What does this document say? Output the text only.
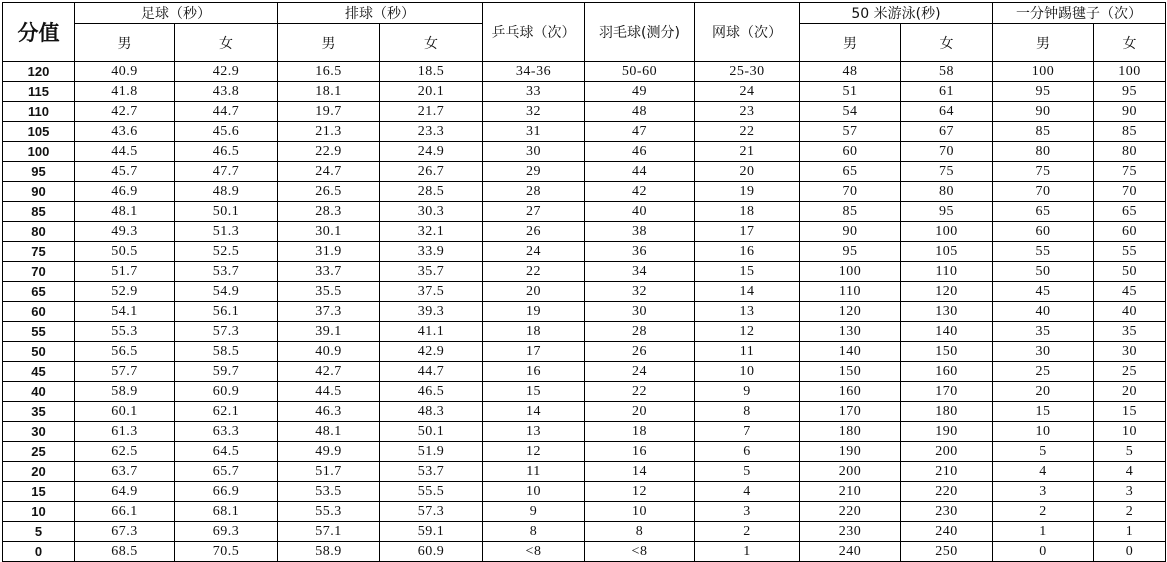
分值	足球（秒）		排球（秒）		乒乓球（次）	羽毛球(测分)	网球（次）	50 米游泳(秒)		一分钟踢毽子（次）	
	男	女	男	女				男	女	男	女
120	40.9	42.9	16.5	18.5	34-36	50-60	25-30	48	58	100	100
115	41.8	43.8	18.1	20.1	33	49	24	51	61	95	95
110	42.7	44.7	19.7	21.7	32	48	23	54	64	90	90
105	43.6	45.6	21.3	23.3	31	47	22	57	67	85	85
100	44.5	46.5	22.9	24.9	30	46	21	60	70	80	80
95	45.7	47.7	24.7	26.7	29	44	20	65	75	75	75
90	46.9	48.9	26.5	28.5	28	42	19	70	80	70	70
85	48.1	50.1	28.3	30.3	27	40	18	85	95	65	65
80	49.3	51.3	30.1	32.1	26	38	17	90	100	60	60
75	50.5	52.5	31.9	33.9	24	36	16	95	105	55	55
70	51.7	53.7	33.7	35.7	22	34	15	100	110	50	50
65	52.9	54.9	35.5	37.5	20	32	14	110	120	45	45
60	54.1	56.1	37.3	39.3	19	30	13	120	130	40	40
55	55.3	57.3	39.1	41.1	18	28	12	130	140	35	35
50	56.5	58.5	40.9	42.9	17	26	11	140	150	30	30
45	57.7	59.7	42.7	44.7	16	24	10	150	160	25	25
40	58.9	60.9	44.5	46.5	15	22	9	160	170	20	20
35	60.1	62.1	46.3	48.3	14	20	8	170	180	15	15
30	61.3	63.3	48.1	50.1	13	18	7	180	190	10	10
25	62.5	64.5	49.9	51.9	12	16	6	190	200	5	5
20	63.7	65.7	51.7	53.7	11	14	5	200	210	4	4
15	64.9	66.9	53.5	55.5	10	12	4	210	220	3	3
10	66.1	68.1	55.3	57.3	9	10	3	220	230	2	2
5	67.3	69.3	57.1	59.1	8	8	2	230	240	1	1
0	68.5	70.5	58.9	60.9	<8	<8	1	240	250	0	0
